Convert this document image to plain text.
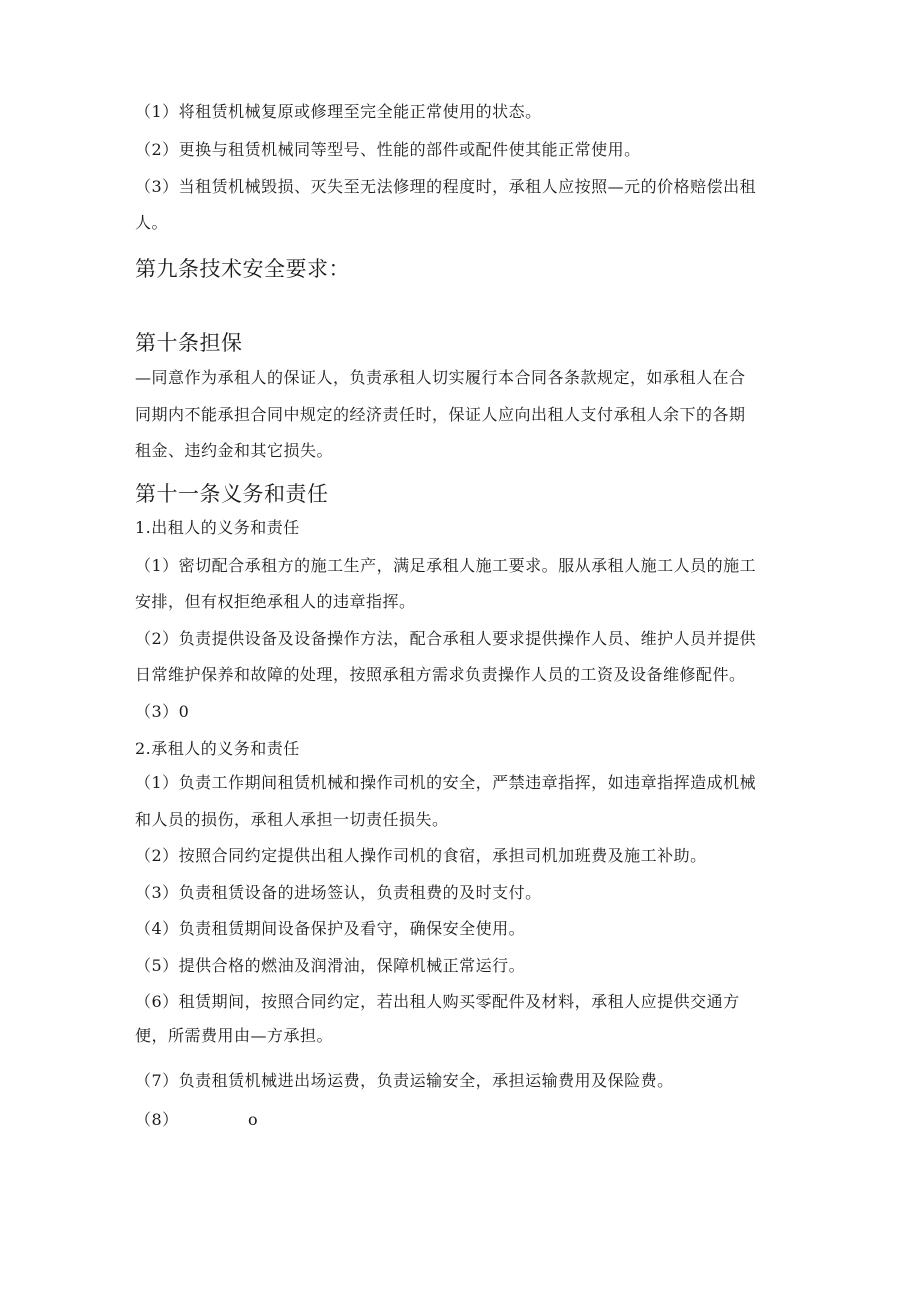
（1）将租赁机械复原或修理至完全能正常使用的状态。
（2）更换与租赁机械同等型号、性能的部件或配件使其能正常使用。
（3）当租赁机械毁损、灭失至无法修理的程度时，承租人应按照—元的价格赔偿出租
人。
第九条技术安全要求：
第十条担保
—同意作为承租人的保证人，负责承租人切实履行本合同各条款规定，如承租人在合
同期内不能承担合同中规定的经济责任时，保证人应向出租人支付承租人余下的各期
租金、违约金和其它损失。
第十一条义务和责任
1.出租人的义务和责任
（1）密切配合承租方的施工生产，满足承租人施工要求。服从承租人施工人员的施工
安排，但有权拒绝承租人的违章指挥。
（2）负责提供设备及设备操作方法，配合承租人要求提供操作人员、维护人员并提供
日常维护保养和故障的处理，按照承租方需求负责操作人员的工资及设备维修配件。
（3）0
2.承租人的义务和责任
（1）负责工作期间租赁机械和操作司机的安全，严禁违章指挥，如违章指挥造成机械
和人员的损伤，承租人承担一切责任损失。
（2）按照合同约定提供出租人操作司机的食宿，承担司机加班费及施工补助。
（3）负责租赁设备的进场签认，负责租费的及时支付。
（4）负责租赁期间设备保护及看守，确保安全使用。
（5）提供合格的燃油及润滑油，保障机械正常运行。
（6）租赁期间，按照合同约定，若出租人购买零配件及材料，承租人应提供交通方
便，所需费用由—方承担。
（7）负责租赁机械进出场运费，负责运输安全，承担运输费用及保险费。
（8）	o
